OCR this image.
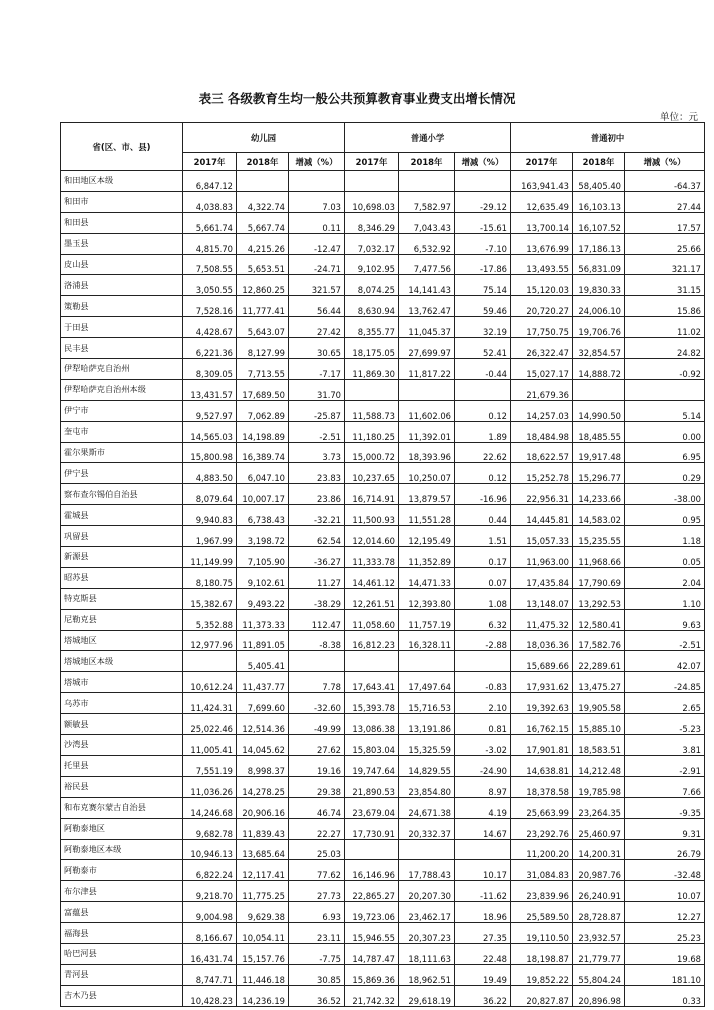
表三 各级教育生均一般公共预算教育事业费支出增长情况
单位：元
省(区、市、县)	幼儿园			普通小学			普通初中		
	2017年	2018年	增减（%）	2017年	2018年	增减（%）	2017年	2018年	增减（%）
和田地区本级	6,847.12						163,941.43	58,405.40	-64.37
和田市	4,038.83	4,322.74	7.03	10,698.03	7,582.97	-29.12	12,635.49	16,103.13	27.44
和田县	5,661.74	5,667.74	0.11	8,346.29	7,043.43	-15.61	13,700.14	16,107.52	17.57
墨玉县	4,815.70	4,215.26	-12.47	7,032.17	6,532.92	-7.10	13,676.99	17,186.13	25.66
皮山县	7,508.55	5,653.51	-24.71	9,102.95	7,477.56	-17.86	13,493.55	56,831.09	321.17
洛浦县	3,050.55	12,860.25	321.57	8,074.25	14,141.43	75.14	15,120.03	19,830.33	31.15
策勒县	7,528.16	11,777.41	56.44	8,630.94	13,762.47	59.46	20,720.27	24,006.10	15.86
于田县	4,428.67	5,643.07	27.42	8,355.77	11,045.37	32.19	17,750.75	19,706.76	11.02
民丰县	6,221.36	8,127.99	30.65	18,175.05	27,699.97	52.41	26,322.47	32,854.57	24.82
伊犁哈萨克自治州	8,309.05	7,713.55	-7.17	11,869.30	11,817.22	-0.44	15,027.17	14,888.72	-0.92
伊犁哈萨克自治州本级	13,431.57	17,689.50	31.70				21,679.36		
伊宁市	9,527.97	7,062.89	-25.87	11,588.73	11,602.06	0.12	14,257.03	14,990.50	5.14
奎屯市	14,565.03	14,198.89	-2.51	11,180.25	11,392.01	1.89	18,484.98	18,485.55	0.00
霍尔果斯市	15,800.98	16,389.74	3.73	15,000.72	18,393.96	22.62	18,622.57	19,917.48	6.95
伊宁县	4,883.50	6,047.10	23.83	10,237.65	10,250.07	0.12	15,252.78	15,296.77	0.29
察布查尔锡伯自治县	8,079.64	10,007.17	23.86	16,714.91	13,879.57	-16.96	22,956.31	14,233.66	-38.00
霍城县	9,940.83	6,738.43	-32.21	11,500.93	11,551.28	0.44	14,445.81	14,583.02	0.95
巩留县	1,967.99	3,198.72	62.54	12,014.60	12,195.49	1.51	15,057.33	15,235.55	1.18
新源县	11,149.99	7,105.90	-36.27	11,333.78	11,352.89	0.17	11,963.00	11,968.66	0.05
昭苏县	8,180.75	9,102.61	11.27	14,461.12	14,471.33	0.07	17,435.84	17,790.69	2.04
特克斯县	15,382.67	9,493.22	-38.29	12,261.51	12,393.80	1.08	13,148.07	13,292.53	1.10
尼勒克县	5,352.88	11,373.33	112.47	11,058.60	11,757.19	6.32	11,475.32	12,580.41	9.63
塔城地区	12,977.96	11,891.05	-8.38	16,812.23	16,328.11	-2.88	18,036.36	17,582.76	-2.51
塔城地区本级		5,405.41					15,689.66	22,289.61	42.07
塔城市	10,612.24	11,437.77	7.78	17,643.41	17,497.64	-0.83	17,931.62	13,475.27	-24.85
乌苏市	11,424.31	7,699.60	-32.60	15,393.78	15,716.53	2.10	19,392.63	19,905.58	2.65
额敏县	25,022.46	12,514.36	-49.99	13,086.38	13,191.86	0.81	16,762.15	15,885.10	-5.23
沙湾县	11,005.41	14,045.62	27.62	15,803.04	15,325.59	-3.02	17,901.81	18,583.51	3.81
托里县	7,551.19	8,998.37	19.16	19,747.64	14,829.55	-24.90	14,638.81	14,212.48	-2.91
裕民县	11,036.26	14,278.25	29.38	21,890.53	23,854.80	8.97	18,378.58	19,785.98	7.66
和布克赛尔蒙古自治县	14,246.68	20,906.16	46.74	23,679.04	24,671.38	4.19	25,663.99	23,264.35	-9.35
阿勒泰地区	9,682.78	11,839.43	22.27	17,730.91	20,332.37	14.67	23,292.76	25,460.97	9.31
阿勒泰地区本级	10,946.13	13,685.64	25.03				11,200.20	14,200.31	26.79
阿勒泰市	6,822.24	12,117.41	77.62	16,146.96	17,788.43	10.17	31,084.83	20,987.76	-32.48
布尔津县	9,218.70	11,775.25	27.73	22,865.27	20,207.30	-11.62	23,839.96	26,240.91	10.07
富蕴县	9,004.98	9,629.38	6.93	19,723.06	23,462.17	18.96	25,589.50	28,728.87	12.27
福海县	8,166.67	10,054.11	23.11	15,946.55	20,307.23	27.35	19,110.50	23,932.57	25.23
哈巴河县	16,431.74	15,157.76	-7.75	14,787.47	18,111.63	22.48	18,198.87	21,779.77	19.68
青河县	8,747.71	11,446.18	30.85	15,869.36	18,962.51	19.49	19,852.22	55,804.24	181.10
吉木乃县	10,428.23	14,236.19	36.52	21,742.32	29,618.19	36.22	20,827.87	20,896.98	0.33
